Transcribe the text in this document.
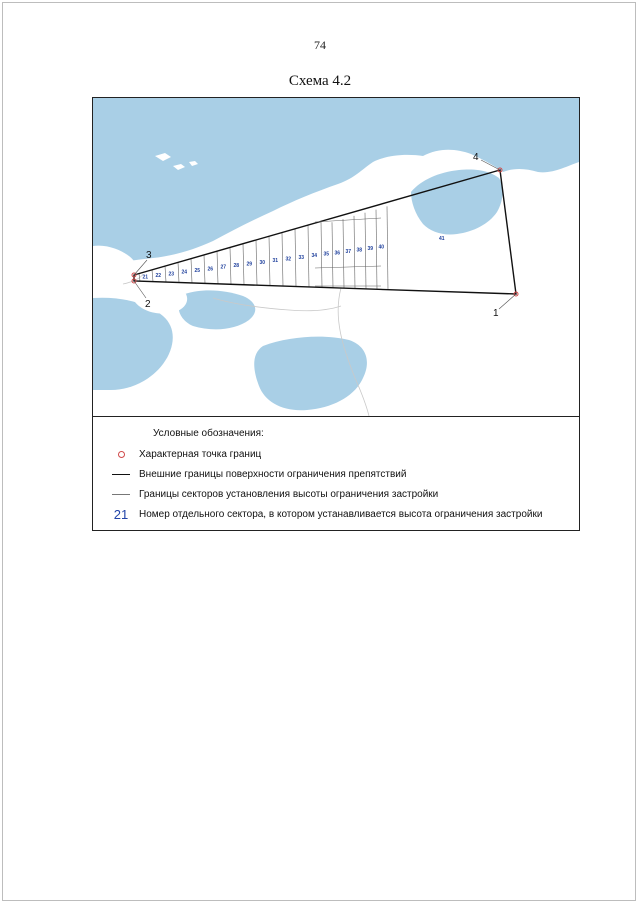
74
Схема 4.2
21 22 23 24 25 26 27 28 29 30 31 32 33 34 35 36 37 38 39 40
3
2
4
1
41
Условные обозначения:
Характерная точка границ
Внешние границы поверхности ограничения препятствий
Границы секторов установления высоты ограничения застройки
21	Номер отдельного сектора, в котором устанавливается высота ограничения застройки
